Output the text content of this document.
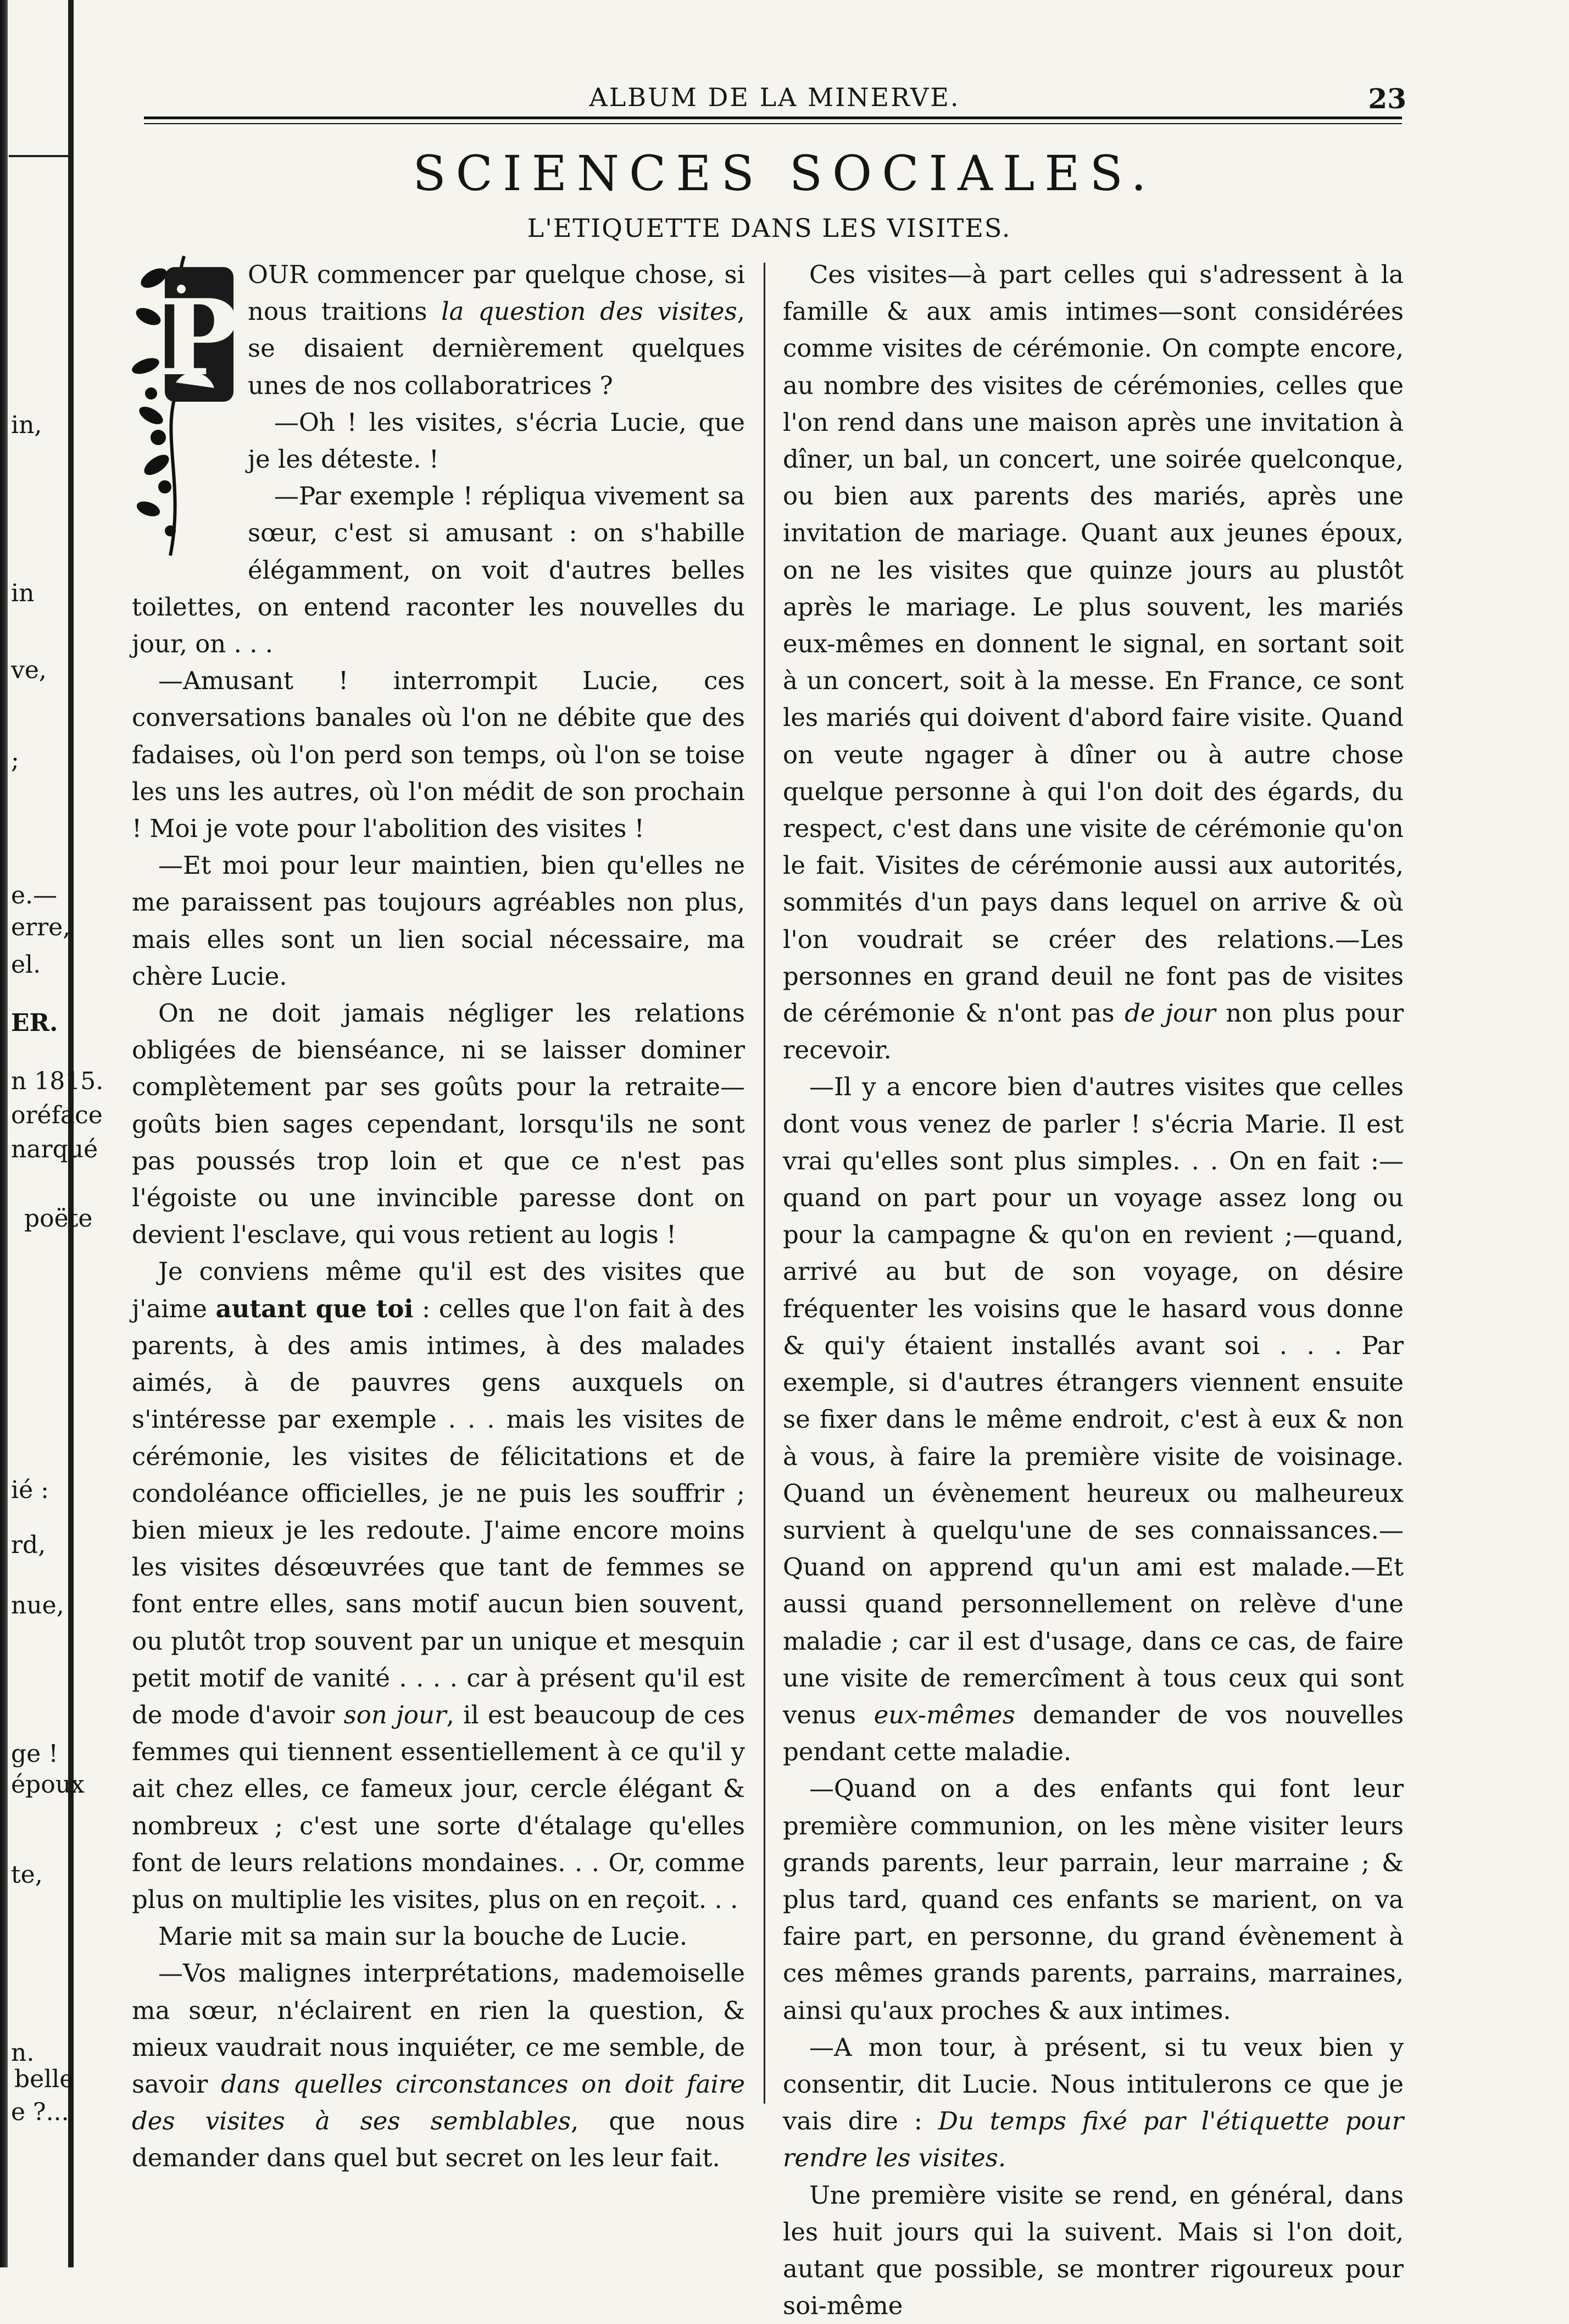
in,
in
ve,
;
e.—
erre,
el.
ER.
n 1815.
oréface
narqué
poëte
ié :
rd,
nue,
ge !
époux
te,
n.
belle
e ?...
ALBUM DE LA MINERVE.	23
SCIENCES SOCIALES.
L'ETIQUETTE DANS LES VISITES.
P

OUR commencer par quelque chose, si nous traitions la question des visites, se disaient dernièrement quelques unes de nos collaboratrices ?

—Oh ! les visites, s'écria Lucie, que je les déteste. !

—Par exemple ! répliqua vivement sa sœur, c'est si amusant : on s'habille élégamment, on voit d'autres belles toilettes, on entend raconter les nouvelles du jour, on . . .

—Amusant ! interrompit Lucie, ces conversations banales où l'on ne débite que des fadaises, où l'on perd son temps, où l'on se toise les uns les autres, où l'on médit de son prochain ! Moi je vote pour l'abolition des visites !

—Et moi pour leur maintien, bien qu'elles ne me paraissent pas toujours agréables non plus, mais elles sont un lien social nécessaire, ma chère Lucie.

On ne doit jamais négliger les relations obligées de bienséance, ni se laisser dominer complètement par ses goûts pour la retraite—goûts bien sages cependant, lorsqu'ils ne sont pas poussés trop loin et que ce n'est pas l'égoiste ou une invincible paresse dont on devient l'esclave, qui vous retient au logis !

Je conviens même qu'il est des visites que j'aime autant que toi : celles que l'on fait à des parents, à des amis intimes, à des malades aimés, à de pauvres gens auxquels on s'intéresse par exemple . . . mais les visites de cérémonie, les visites de félicitations et de condoléance officielles, je ne puis les souffrir ; bien mieux je les redoute. J'aime encore moins les visites désœuvrées que tant de femmes se font entre elles, sans motif aucun bien souvent, ou plutôt trop souvent par un unique et mesquin petit motif de vanité . . . . car à présent qu'il est de mode d'avoir son jour, il est beaucoup de ces femmes qui tiennent essentiellement à ce qu'il y ait chez elles, ce fameux jour, cercle élégant & nombreux ; c'est une sorte d'étalage qu'elles font de leurs relations mondaines. . . Or, comme plus on multiplie les visites, plus on en reçoit. . .

Marie mit sa main sur la bouche de Lucie.

—Vos malignes interprétations, mademoiselle ma sœur, n'éclairent en rien la question, & mieux vaudrait nous inquiéter, ce me semble, de savoir dans quelles circonstances on doit faire des visites à ses semblables, que nous demander dans quel but secret on les leur fait.

Ces visites—à part celles qui s'adressent à la famille & aux amis intimes—sont considérées comme visites de cérémonie. On compte encore, au nombre des visites de cérémonies, celles que l'on rend dans une maison après une invitation à dîner, un bal, un concert, une soirée quelconque, ou bien aux parents des mariés, après une invitation de mariage. Quant aux jeunes époux, on ne les visites que quinze jours au plustôt après le mariage. Le plus souvent, les mariés eux-mêmes en donnent le signal, en sortant soit à un concert, soit à la messe. En France, ce sont les mariés qui doivent d'abord faire visite. Quand on veute ngager à dîner ou à autre chose quelque personne à qui l'on doit des égards, du respect, c'est dans une visite de cérémonie qu'on le fait. Visites de cérémonie aussi aux autorités, sommités d'un pays dans lequel on arrive & où l'on voudrait se créer des relations.—Les personnes en grand deuil ne font pas de visites de cérémonie & n'ont pas de jour non plus pour recevoir.

—Il y a encore bien d'autres visites que celles dont vous venez de parler ! s'écria Marie. Il est vrai qu'elles sont plus simples. . . On en fait :—quand on part pour un voyage assez long ou pour la campagne & qu'on en revient ;—quand, arrivé au but de son voyage, on désire fréquenter les voisins que le hasard vous donne & qui'y étaient installés avant soi . . . Par exemple, si d'autres étrangers viennent ensuite se fixer dans le même endroit, c'est à eux & non à vous, à faire la première visite de voisinage. Quand un évènement heureux ou malheureux survient à quelqu'une de ses connaissances.—Quand on apprend qu'un ami est malade.—Et aussi quand personnellement on relève d'une maladie ; car il est d'usage, dans ce cas, de faire une visite de remercîment à tous ceux qui sont venus eux-mêmes demander de vos nouvelles pendant cette maladie.

—Quand on a des enfants qui font leur première communion, on les mène visiter leurs grands parents, leur parrain, leur marraine ; & plus tard, quand ces enfants se marient, on va faire part, en personne, du grand évènement à ces mêmes grands parents, parrains, marraines, ainsi qu'aux proches & aux intimes.

—A mon tour, à présent, si tu veux bien y consentir, dit Lucie. Nous intitulerons ce que je vais dire : Du temps fixé par l'étiquette pour rendre les visites.

Une première visite se rend, en général, dans les huit jours qui la suivent. Mais si l'on doit, autant que possible, se montrer rigoureux pour soi-même
